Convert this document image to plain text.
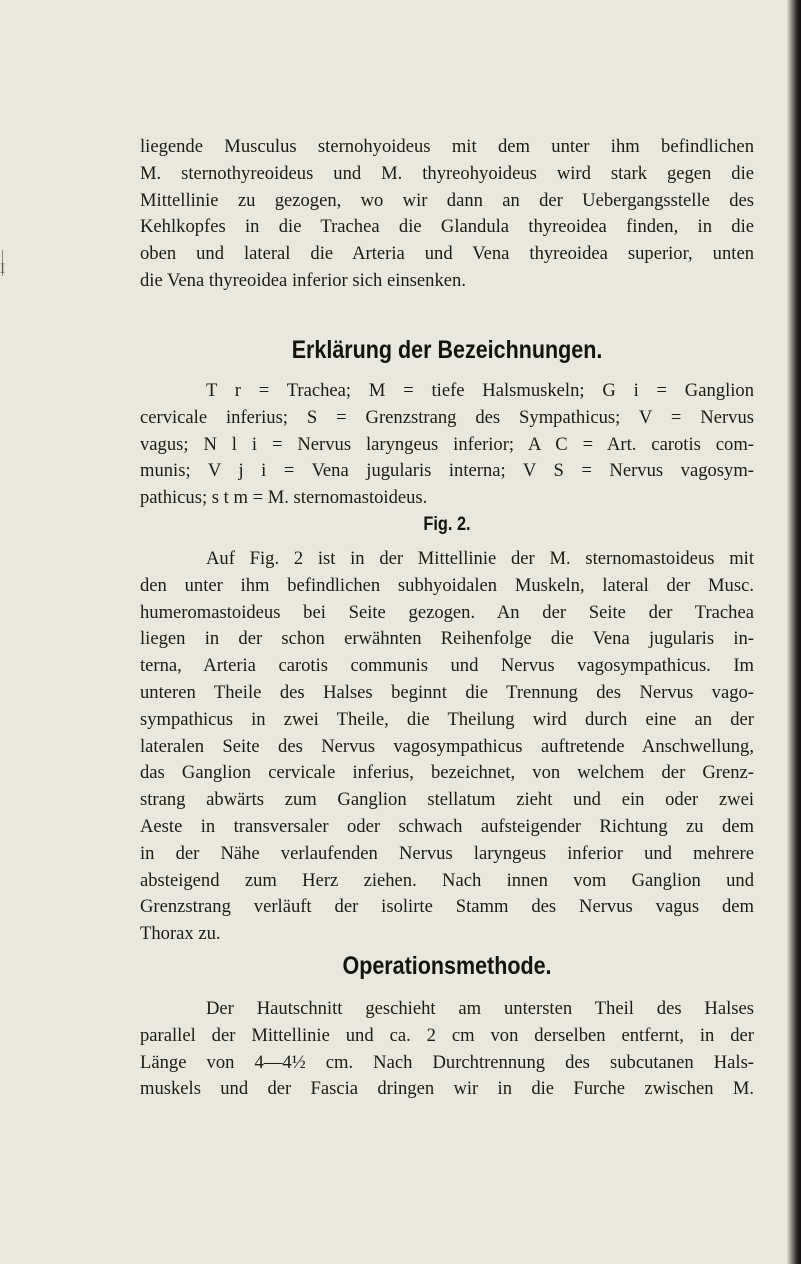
I
liegende Musculus sternohyoideus mit dem unter ihm befindlichen
M. sternothyreoideus und M. thyreohyoideus wird stark gegen die
Mittellinie zu gezogen, wo wir dann an der Uebergangsstelle des
Kehlkopfes in die Trachea die Glandula thyreoidea finden, in die
oben und lateral die Arteria und Vena thyreoidea superior, unten
die Vena thyreoidea inferior sich einsenken.
Erklärung der Bezeichnungen.
T r = Trachea; M = tiefe Halsmuskeln; G i = Ganglion
cervicale inferius; S = Grenzstrang des Sympathicus; V = Nervus
vagus; N l i = Nervus laryngeus inferior; A C = Art. carotis com-
munis; V j i = Vena jugularis interna; V S = Nervus vagosym-
pathicus; s t m = M. sternomastoideus.
Fig. 2.
Auf Fig. 2 ist in der Mittellinie der M. sternomastoideus mit
den unter ihm befindlichen subhyoidalen Muskeln, lateral der Musc.
humeromastoideus bei Seite gezogen. An der Seite der Trachea
liegen in der schon erwähnten Reihenfolge die Vena jugularis in-
terna, Arteria carotis communis und Nervus vagosympathicus. Im
unteren Theile des Halses beginnt die Trennung des Nervus vago-
sympathicus in zwei Theile, die Theilung wird durch eine an der
lateralen Seite des Nervus vagosympathicus auftretende Anschwellung,
das Ganglion cervicale inferius, bezeichnet, von welchem der Grenz-
strang abwärts zum Ganglion stellatum zieht und ein oder zwei
Aeste in transversaler oder schwach aufsteigender Richtung zu dem
in der Nähe verlaufenden Nervus laryngeus inferior und mehrere
absteigend zum Herz ziehen. Nach innen vom Ganglion und
Grenzstrang verläuft der isolirte Stamm des Nervus vagus dem
Thorax zu.
Operationsmethode.
Der Hautschnitt geschieht am untersten Theil des Halses
parallel der Mittellinie und ca. 2 cm von derselben entfernt, in der
Länge von 4—4½ cm. Nach Durchtrennung des subcutanen Hals-
muskels und der Fascia dringen wir in die Furche zwischen M.
